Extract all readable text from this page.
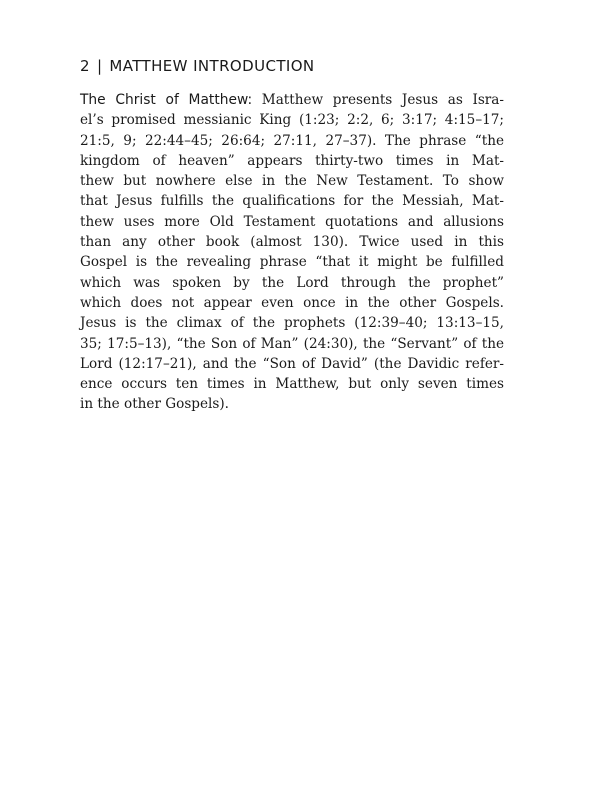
2 | MATTHEW INTRODUCTION

The Christ of Matthew: Matthew presents Jesus as Isra-
el’s promised messianic King (1:23; 2:2, 6; 3:17; 4:15–17;
21:5, 9; 22:44–45; 26:64; 27:11, 27–37). The phrase “the
kingdom of heaven” appears thirty-two times in Mat-
thew but nowhere else in the New Testament. To show
that Jesus fulfills the qualifications for the Messiah, Mat-
thew uses more Old Testament quotations and allusions
than any other book (almost 130). Twice used in this
Gospel is the revealing phrase “that it might be fulfilled
which was spoken by the Lord through the prophet”
which does not appear even once in the other Gospels.
Jesus is the climax of the prophets (12:39–40; 13:13–15,
35; 17:5–13), “the Son of Man” (24:30), the “Servant” of the
Lord (12:17–21), and the “Son of David” (the Davidic refer-
ence occurs ten times in Matthew, but only seven times
in the other Gospels).
